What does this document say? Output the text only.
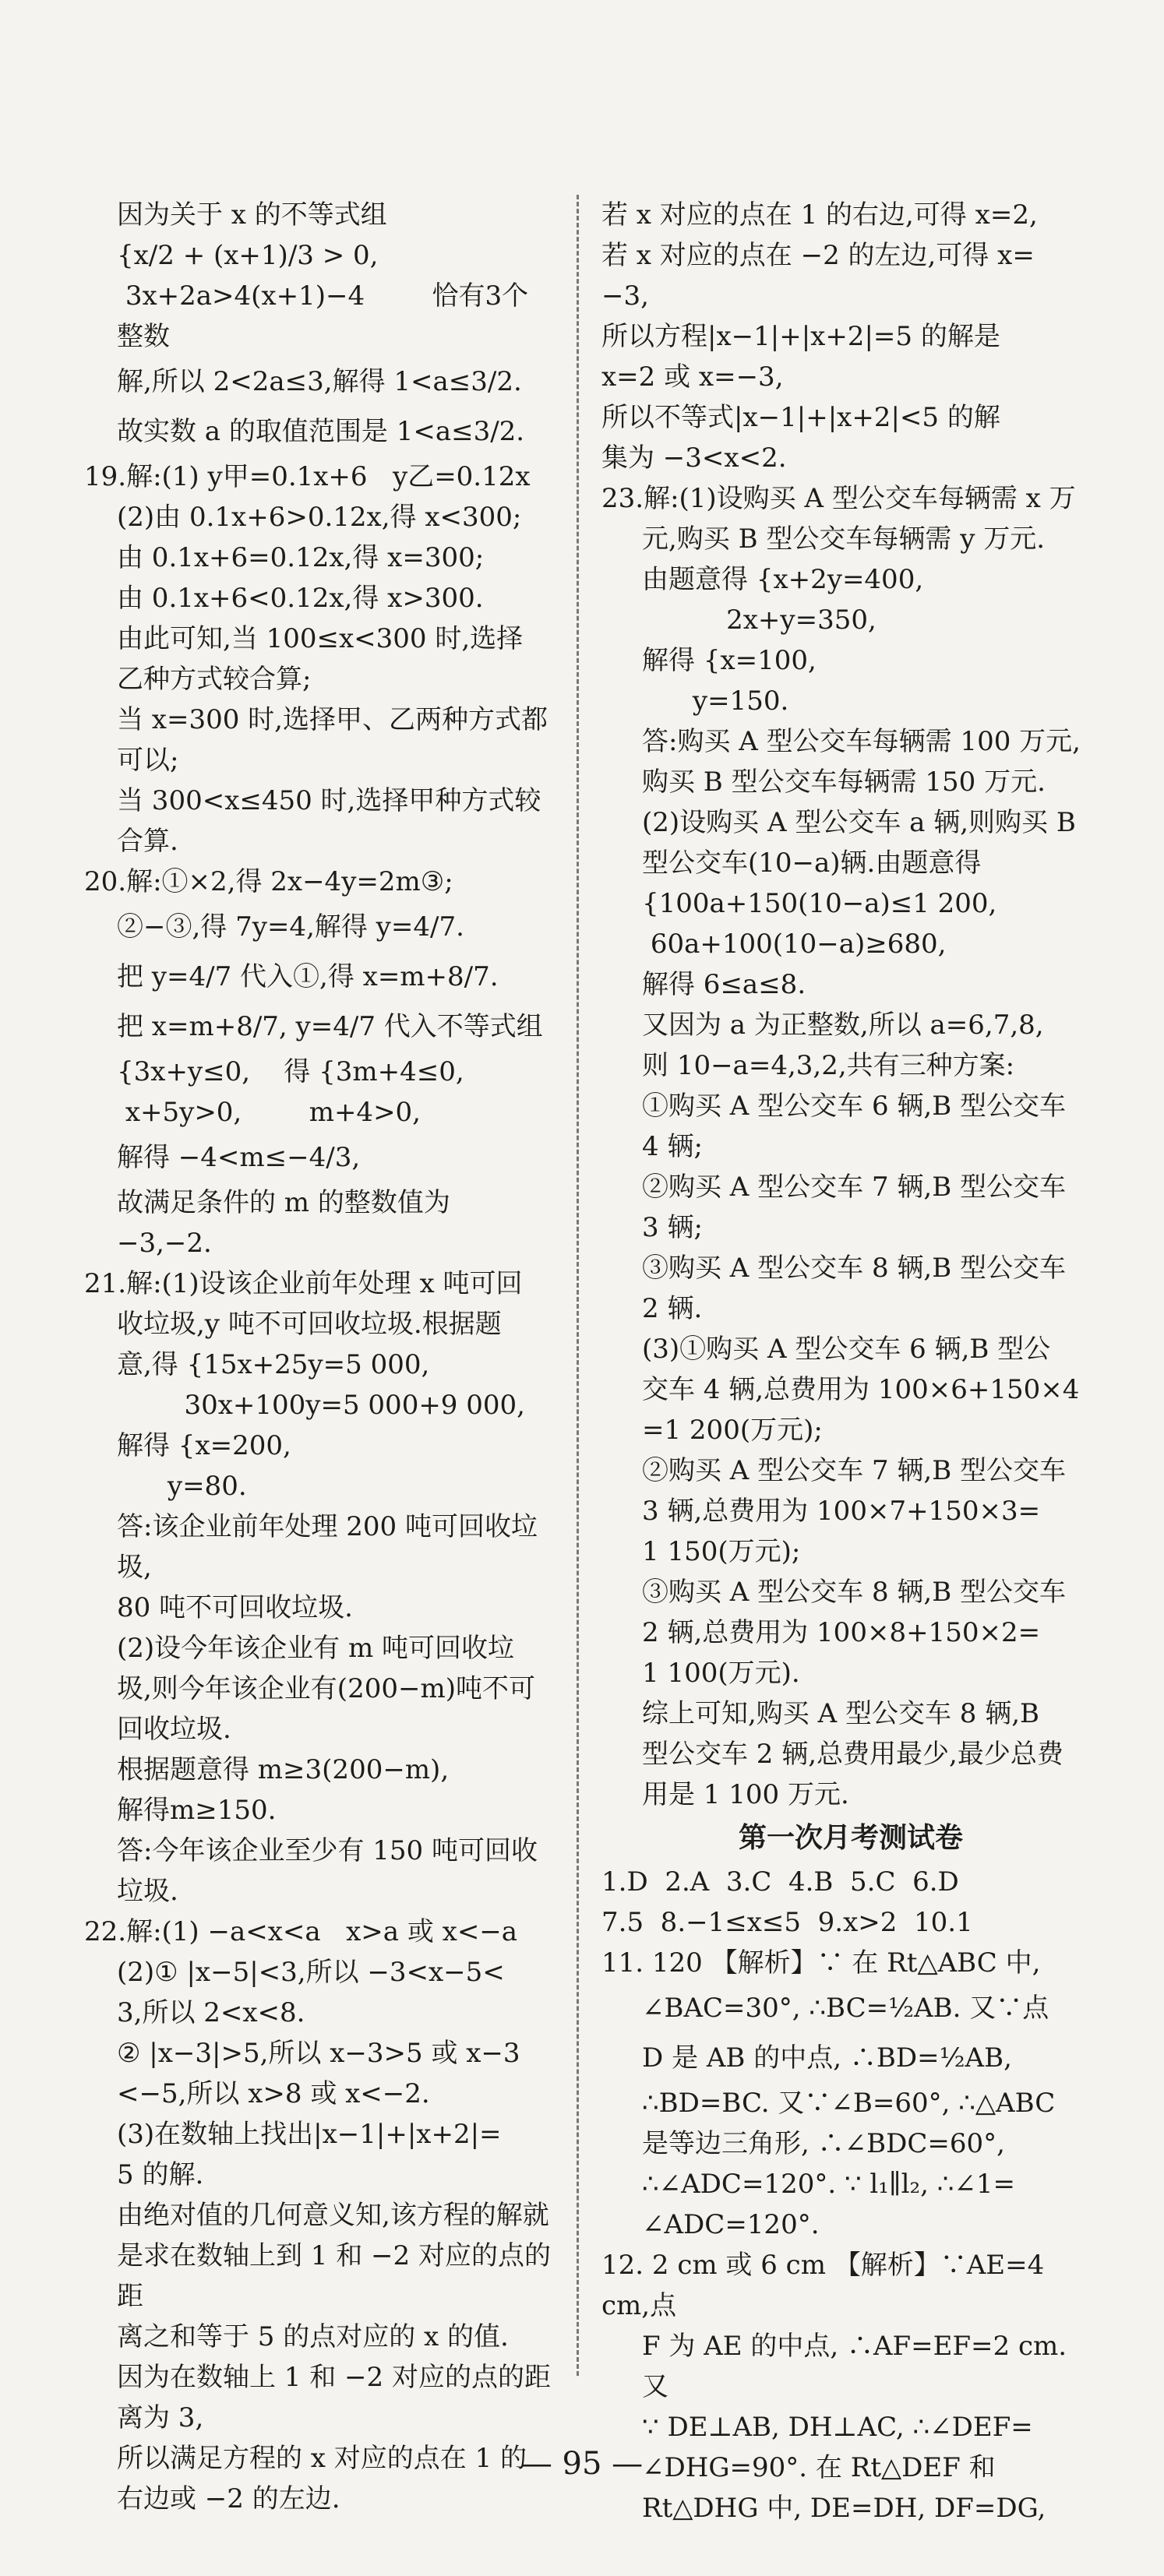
因为关于 x 的不等式组
{x/2 + (x+1)/3 > 0,
3x+2a>4(x+1)−4        恰有3个整数
解,所以 2<2a≤3,解得 1<a≤3/2.
故实数 a 的取值范围是 1<a≤3/2.
19.解:(1) y甲=0.1x+6   y乙=0.12x
(2)由 0.1x+6>0.12x,得 x<300;
由 0.1x+6=0.12x,得 x=300;
由 0.1x+6<0.12x,得 x>300.
由此可知,当 100≤x<300 时,选择
乙种方式较合算;
当 x=300 时,选择甲、乙两种方式都
可以;
当 300<x≤450 时,选择甲种方式较
合算.
20.解:①×2,得 2x−4y=2m③;
②−③,得 7y=4,解得 y=4/7.
把 y=4/7 代入①,得 x=m+8/7.
把 x=m+8/7, y=4/7 代入不等式组
{3x+y≤0,    得 {3m+4≤0,
x+5y>0,        m+4>0,
解得 −4<m≤−4/3,
故满足条件的 m 的整数值为 −3,−2.
21.解:(1)设该企业前年处理 x 吨可回
收垃圾,y 吨不可回收垃圾.根据题
意,得 {15x+25y=5 000,
30x+100y=5 000+9 000,
解得 {x=200,
y=80.
答:该企业前年处理 200 吨可回收垃圾,
80 吨不可回收垃圾.
(2)设今年该企业有 m 吨可回收垃
圾,则今年该企业有(200−m)吨不可
回收垃圾.
根据题意得 m≥3(200−m),
解得m≥150.
答:今年该企业至少有 150 吨可回收
垃圾.
22.解:(1) −a<x<a   x>a 或 x<−a
(2)① |x−5|<3,所以 −3<x−5<
3,所以 2<x<8.
② |x−3|>5,所以 x−3>5 或 x−3
<−5,所以 x>8 或 x<−2.
(3)在数轴上找出|x−1|+|x+2|=
5 的解.
由绝对值的几何意义知,该方程的解就
是求在数轴上到 1 和 −2 对应的点的距
离之和等于 5 的点对应的 x 的值.
因为在数轴上 1 和 −2 对应的点的距
离为 3,
所以满足方程的 x 对应的点在 1 的
右边或 −2 的左边.
若 x 对应的点在 1 的右边,可得 x=2,
若 x 对应的点在 −2 的左边,可得 x=
−3,
所以方程|x−1|+|x+2|=5 的解是
x=2 或 x=−3,
所以不等式|x−1|+|x+2|<5 的解
集为 −3<x<2.
23.解:(1)设购买 A 型公交车每辆需 x 万
元,购买 B 型公交车每辆需 y 万元.
由题意得 {x+2y=400,
2x+y=350,
解得 {x=100,
y=150.
答:购买 A 型公交车每辆需 100 万元,
购买 B 型公交车每辆需 150 万元.
(2)设购买 A 型公交车 a 辆,则购买 B
型公交车(10−a)辆.由题意得
{100a+150(10−a)≤1 200,
60a+100(10−a)≥680,
解得 6≤a≤8.
又因为 a 为正整数,所以 a=6,7,8,
则 10−a=4,3,2,共有三种方案:
①购买 A 型公交车 6 辆,B 型公交车
4 辆;
②购买 A 型公交车 7 辆,B 型公交车
3 辆;
③购买 A 型公交车 8 辆,B 型公交车
2 辆.
(3)①购买 A 型公交车 6 辆,B 型公
交车 4 辆,总费用为 100×6+150×4
=1 200(万元);
②购买 A 型公交车 7 辆,B 型公交车
3 辆,总费用为 100×7+150×3=
1 150(万元);
③购买 A 型公交车 8 辆,B 型公交车
2 辆,总费用为 100×8+150×2=
1 100(万元).
综上可知,购买 A 型公交车 8 辆,B
型公交车 2 辆,总费用最少,最少总费
用是 1 100 万元.
第一次月考测试卷
1.D  2.A  3.C  4.B  5.C  6.D
7.5  8.−1≤x≤5  9.x>2  10.1
11. 120 【解析】∵ 在 Rt△ABC 中,
∠BAC=30°, ∴BC=½AB. 又∵点
D 是 AB 的中点, ∴BD=½AB,
∴BD=BC. 又∵∠B=60°, ∴△ABC
是等边三角形, ∴∠BDC=60°,
∴∠ADC=120°. ∵ l₁∥l₂, ∴∠1=
∠ADC=120°.
12. 2 cm 或 6 cm 【解析】∵AE=4 cm,点
F 为 AE 的中点, ∴AF=EF=2 cm. 又
∵ DE⊥AB, DH⊥AC, ∴∠DEF=
∠DHG=90°. 在 Rt△DEF 和
Rt△DHG 中, DE=DH, DF=DG,
— 95 —
